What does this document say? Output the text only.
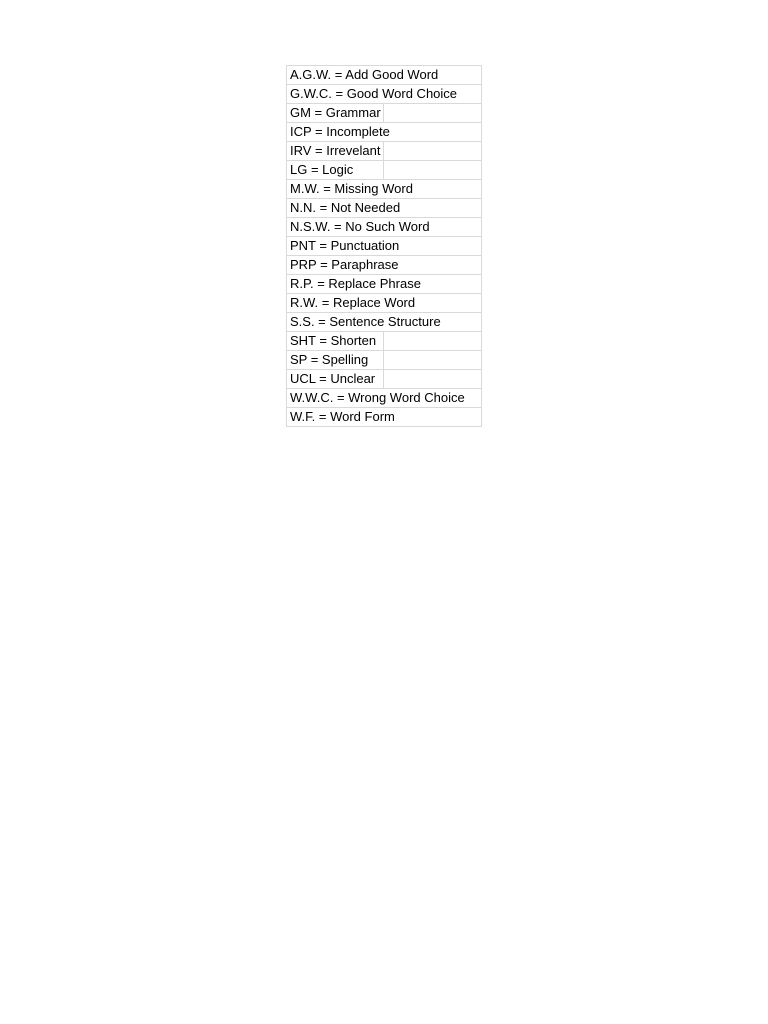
A.G.W. = Add Good Word	
G.W.C. = Good Word Choice	
GM = Grammar	
ICP = Incomplete	
IRV = Irrevelant	
LG = Logic	
M.W. = Missing Word	
N.N. = Not Needed	
N.S.W. = No Such Word	
PNT = Punctuation	
PRP = Paraphrase	
R.P. = Replace Phrase	
R.W. = Replace Word	
S.S. = Sentence Structure	
SHT = Shorten	
SP = Spelling	
UCL = Unclear	
W.W.C. = Wrong Word Choice	
W.F. = Word Form	
